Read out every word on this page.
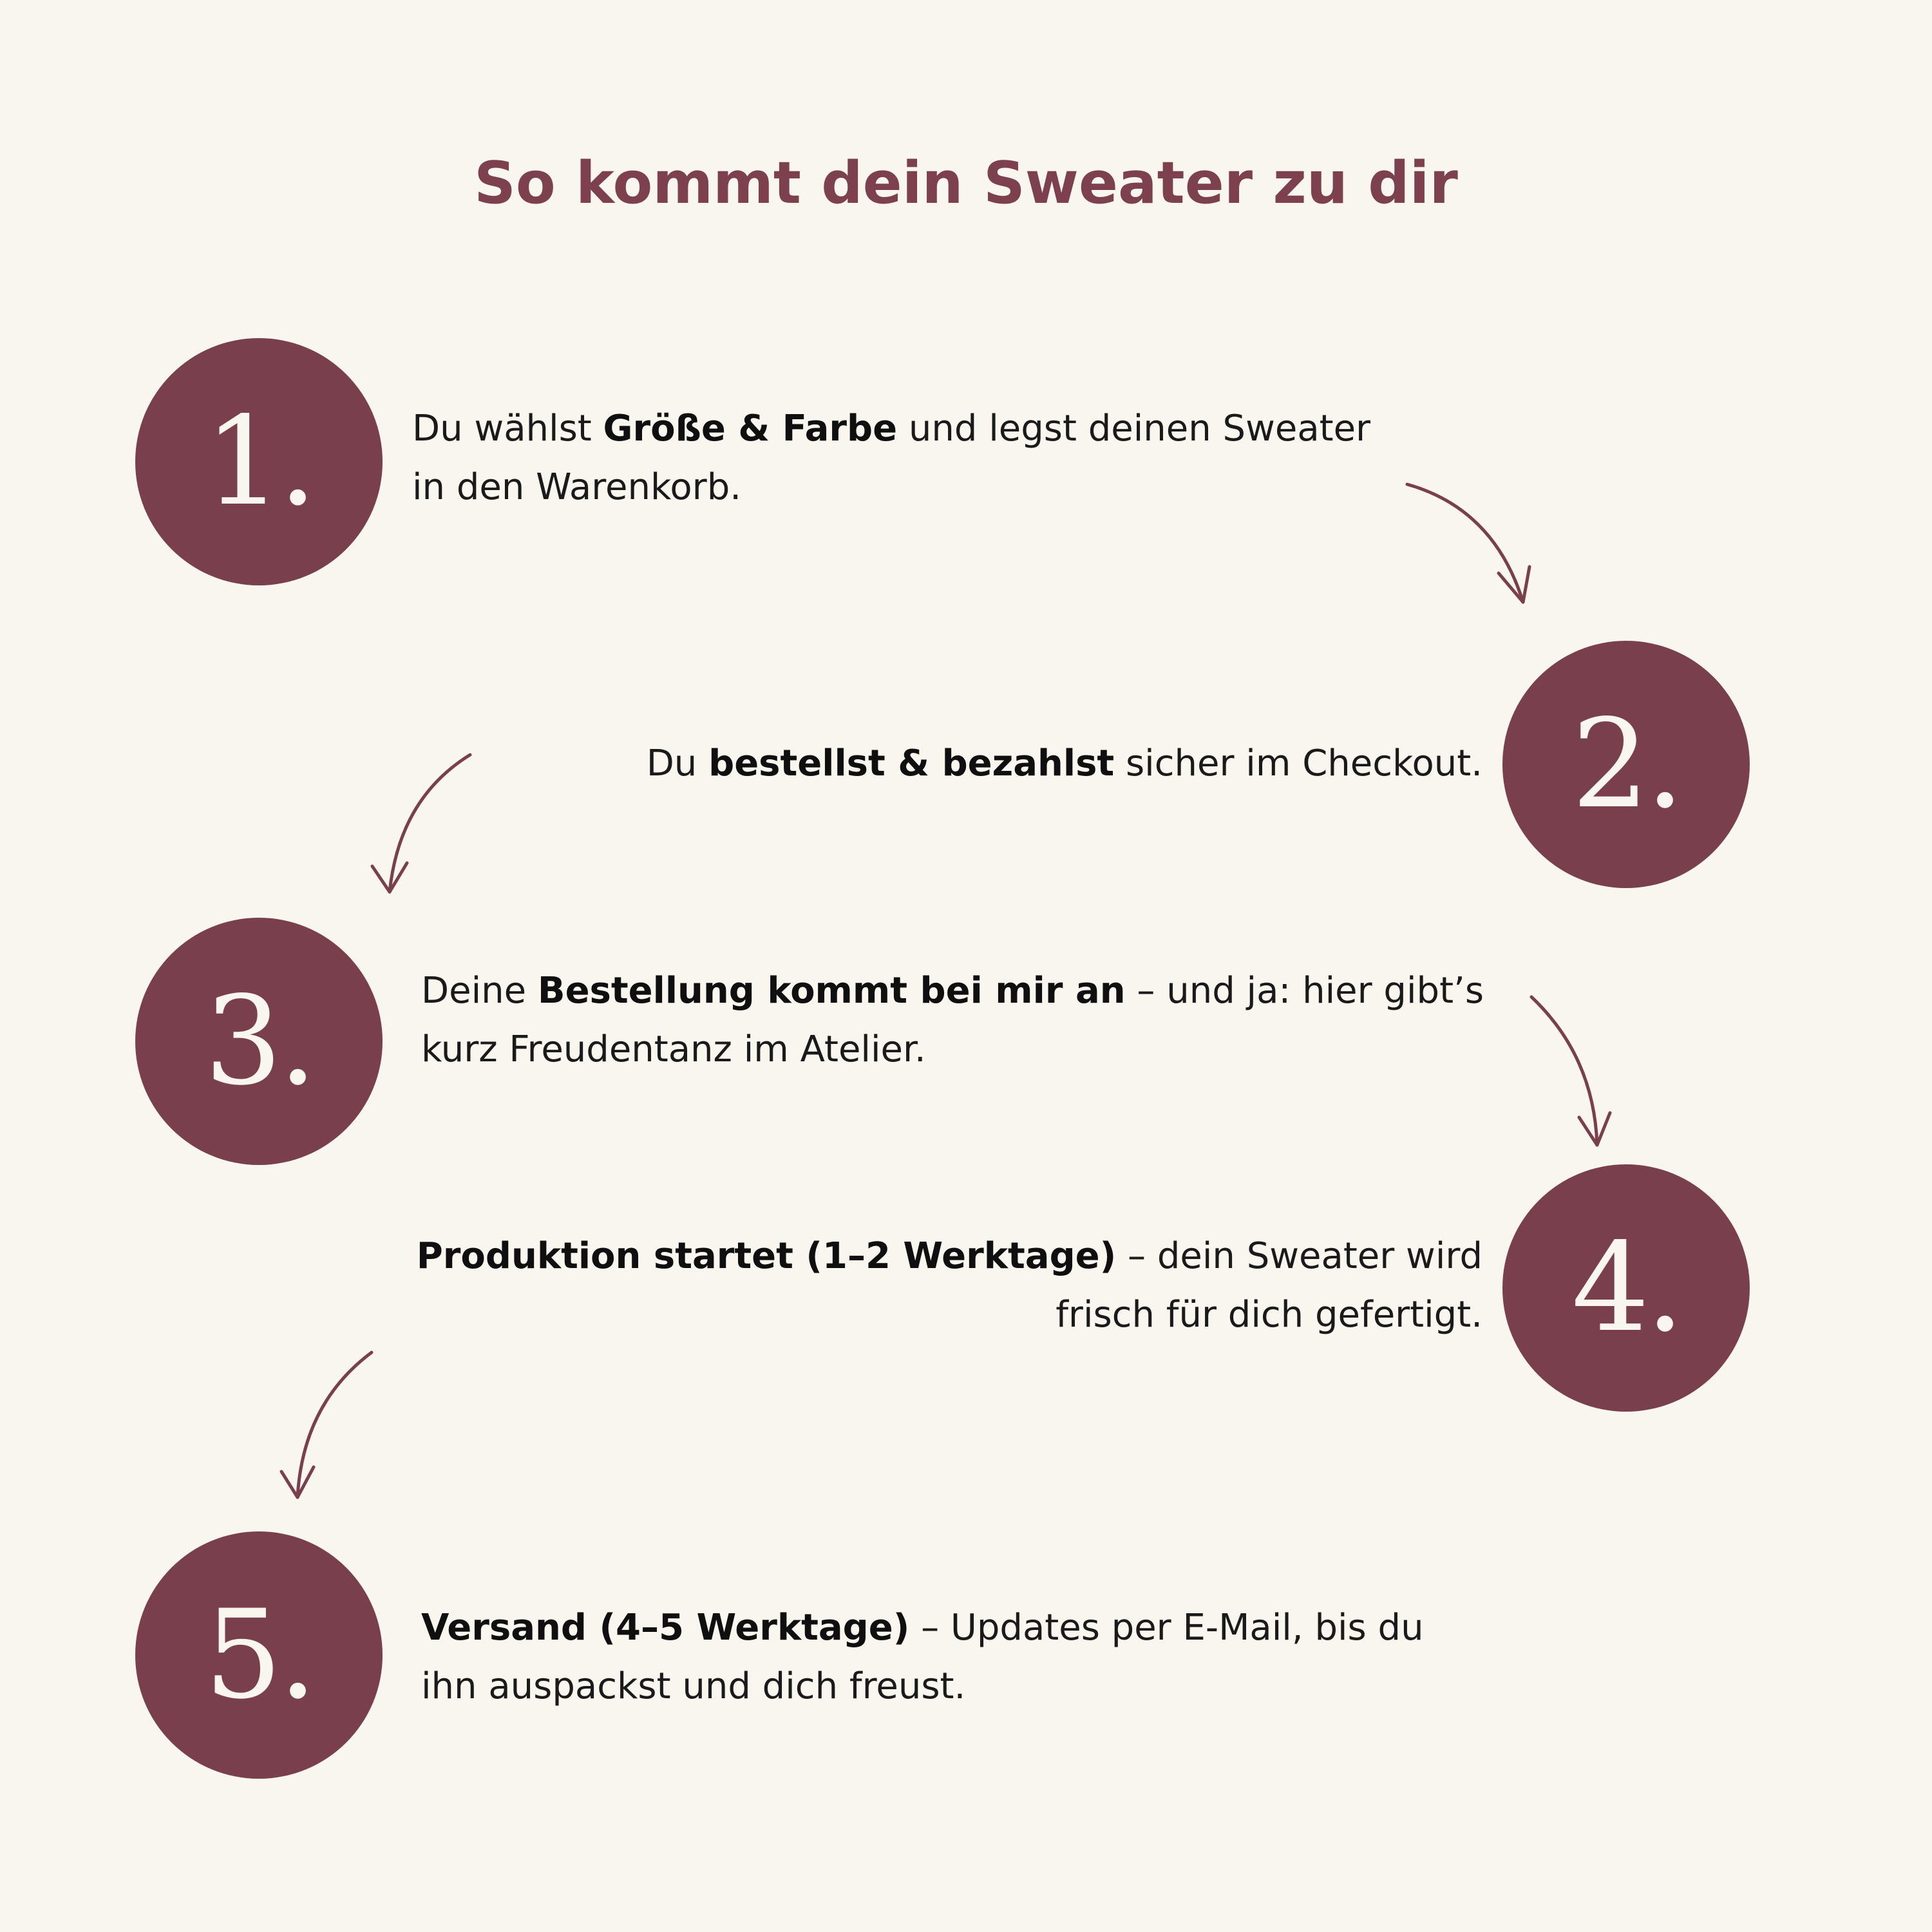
So kommt dein Sweater zu dir
1.	Du wählst Größe & Farbe und legst deinen Sweater in den Warenkorb.

2.

Du bestellst & bezahlst sicher im Checkout.

3.	Deine Bestellung kommt bei mir an – und ja: hier gibt’s kurz Freudentanz im Atelier.

4.

Produktion startet (1–2 Werktage) – dein Sweater wird frisch für dich gefertigt.

5.	Versand (4–5 Werktage) – Updates per E-Mail, bis du ihn auspackst und dich freust.
